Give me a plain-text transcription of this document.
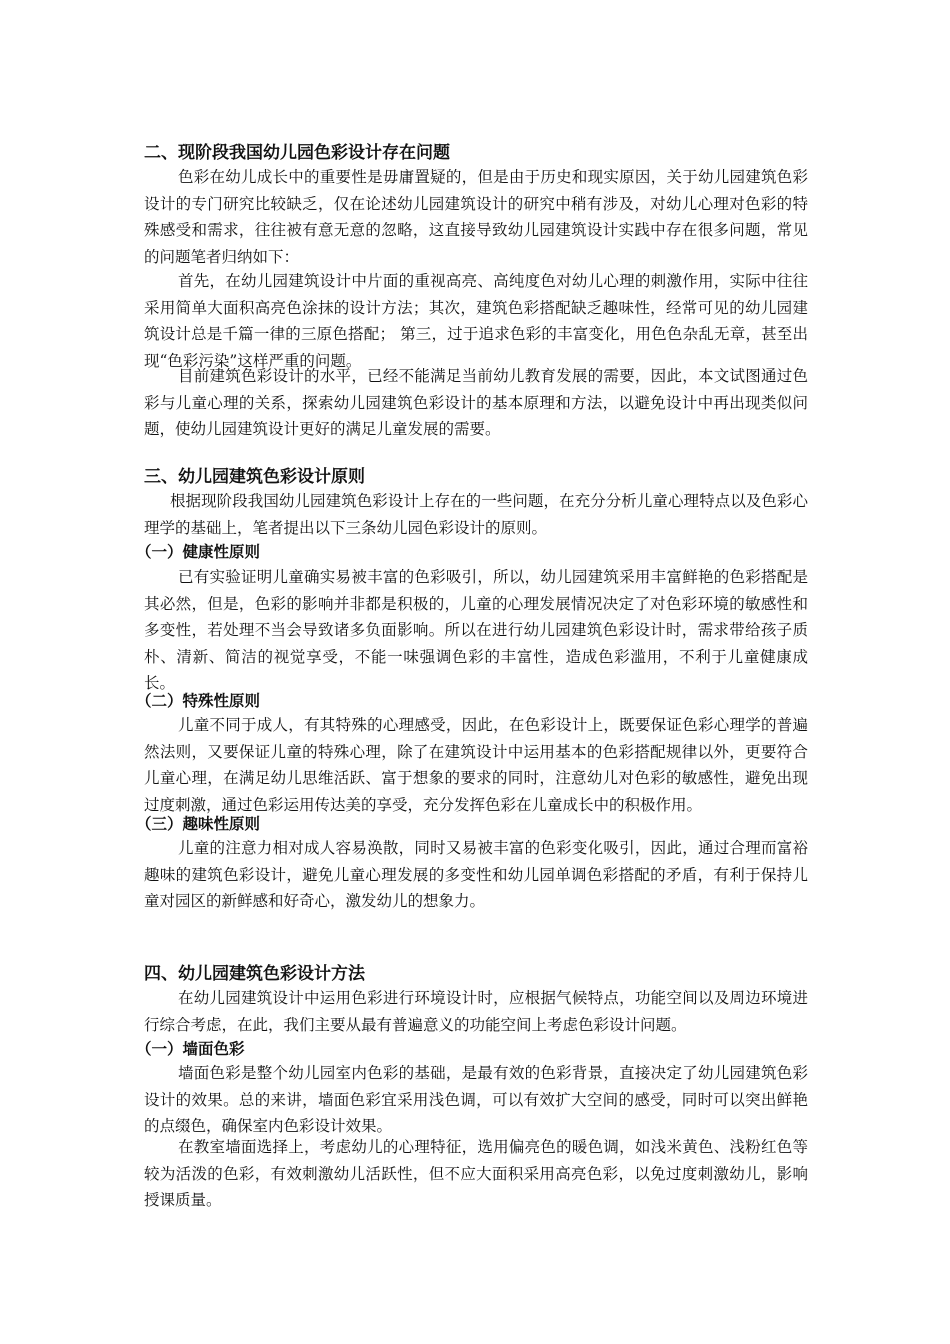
二、现阶段我国幼儿园色彩设计存在问题

色彩在幼儿成长中的重要性是毋庸置疑的，但是由于历史和现实原因，关于幼儿园建筑色彩设计的专门研究比较缺乏，仅在论述幼儿园建筑设计的研究中稍有涉及，对幼儿心理对色彩的特殊感受和需求，往往被有意无意的忽略，这直接导致幼儿园建筑设计实践中存在很多问题，常见的问题笔者归纳如下：

首先，在幼儿园建筑设计中片面的重视高亮、高纯度色对幼儿心理的刺激作用，实际中往往采用简单大面积高亮色涂抹的设计方法；其次，建筑色彩搭配缺乏趣味性，经常可见的幼儿园建筑设计总是千篇一律的三原色搭配； 第三，过于追求色彩的丰富变化，用色色杂乱无章，甚至出现“色彩污染”这样严重的问题。

目前建筑色彩设计的水平，已经不能满足当前幼儿教育发展的需要，因此，本文试图通过色彩与儿童心理的关系，探索幼儿园建筑色彩设计的基本原理和方法，以避免设计中再出现类似问题，使幼儿园建筑设计更好的满足儿童发展的需要。

三、幼儿园建筑色彩设计原则

根据现阶段我国幼儿园建筑色彩设计上存在的一些问题，在充分分析儿童心理特点以及色彩心理学的基础上，笔者提出以下三条幼儿园色彩设计的原则。

（一）健康性原则

已有实验证明儿童确实易被丰富的色彩吸引，所以，幼儿园建筑采用丰富鲜艳的色彩搭配是其必然，但是，色彩的影响并非都是积极的，儿童的心理发展情况决定了对色彩环境的敏感性和多变性，若处理不当会导致诸多负面影响。所以在进行幼儿园建筑色彩设计时，需求带给孩子质朴、清新、简洁的视觉享受，不能一味强调色彩的丰富性，造成色彩滥用，不利于儿童健康成长。

（二）特殊性原则

儿童不同于成人，有其特殊的心理感受，因此，在色彩设计上，既要保证色彩心理学的普遍然法则，又要保证儿童的特殊心理，除了在建筑设计中运用基本的色彩搭配规律以外，更要符合儿童心理，在满足幼儿思维活跃、富于想象的要求的同时，注意幼儿对色彩的敏感性，避免出现过度刺激，通过色彩运用传达美的享受，充分发挥色彩在儿童成长中的积极作用。

（三）趣味性原则

儿童的注意力相对成人容易涣散，同时又易被丰富的色彩变化吸引，因此，通过合理而富裕趣味的建筑色彩设计，避免儿童心理发展的多变性和幼儿园单调色彩搭配的矛盾，有利于保持儿童对园区的新鲜感和好奇心，激发幼儿的想象力。

四、幼儿园建筑色彩设计方法

在幼儿园建筑设计中运用色彩进行环境设计时，应根据气候特点，功能空间以及周边环境进行综合考虑，在此，我们主要从最有普遍意义的功能空间上考虑色彩设计问题。

（一）墙面色彩

墙面色彩是整个幼儿园室内色彩的基础，是最有效的色彩背景，直接决定了幼儿园建筑色彩设计的效果。总的来讲，墙面色彩宜采用浅色调，可以有效扩大空间的感受，同时可以突出鲜艳的点缀色，确保室内色彩设计效果。

在教室墙面选择上，考虑幼儿的心理特征，选用偏亮色的暖色调，如浅米黄色、浅粉红色等较为活泼的色彩，有效刺激幼儿活跃性，但不应大面积采用高亮色彩，以免过度刺激幼儿，影响授课质量。
